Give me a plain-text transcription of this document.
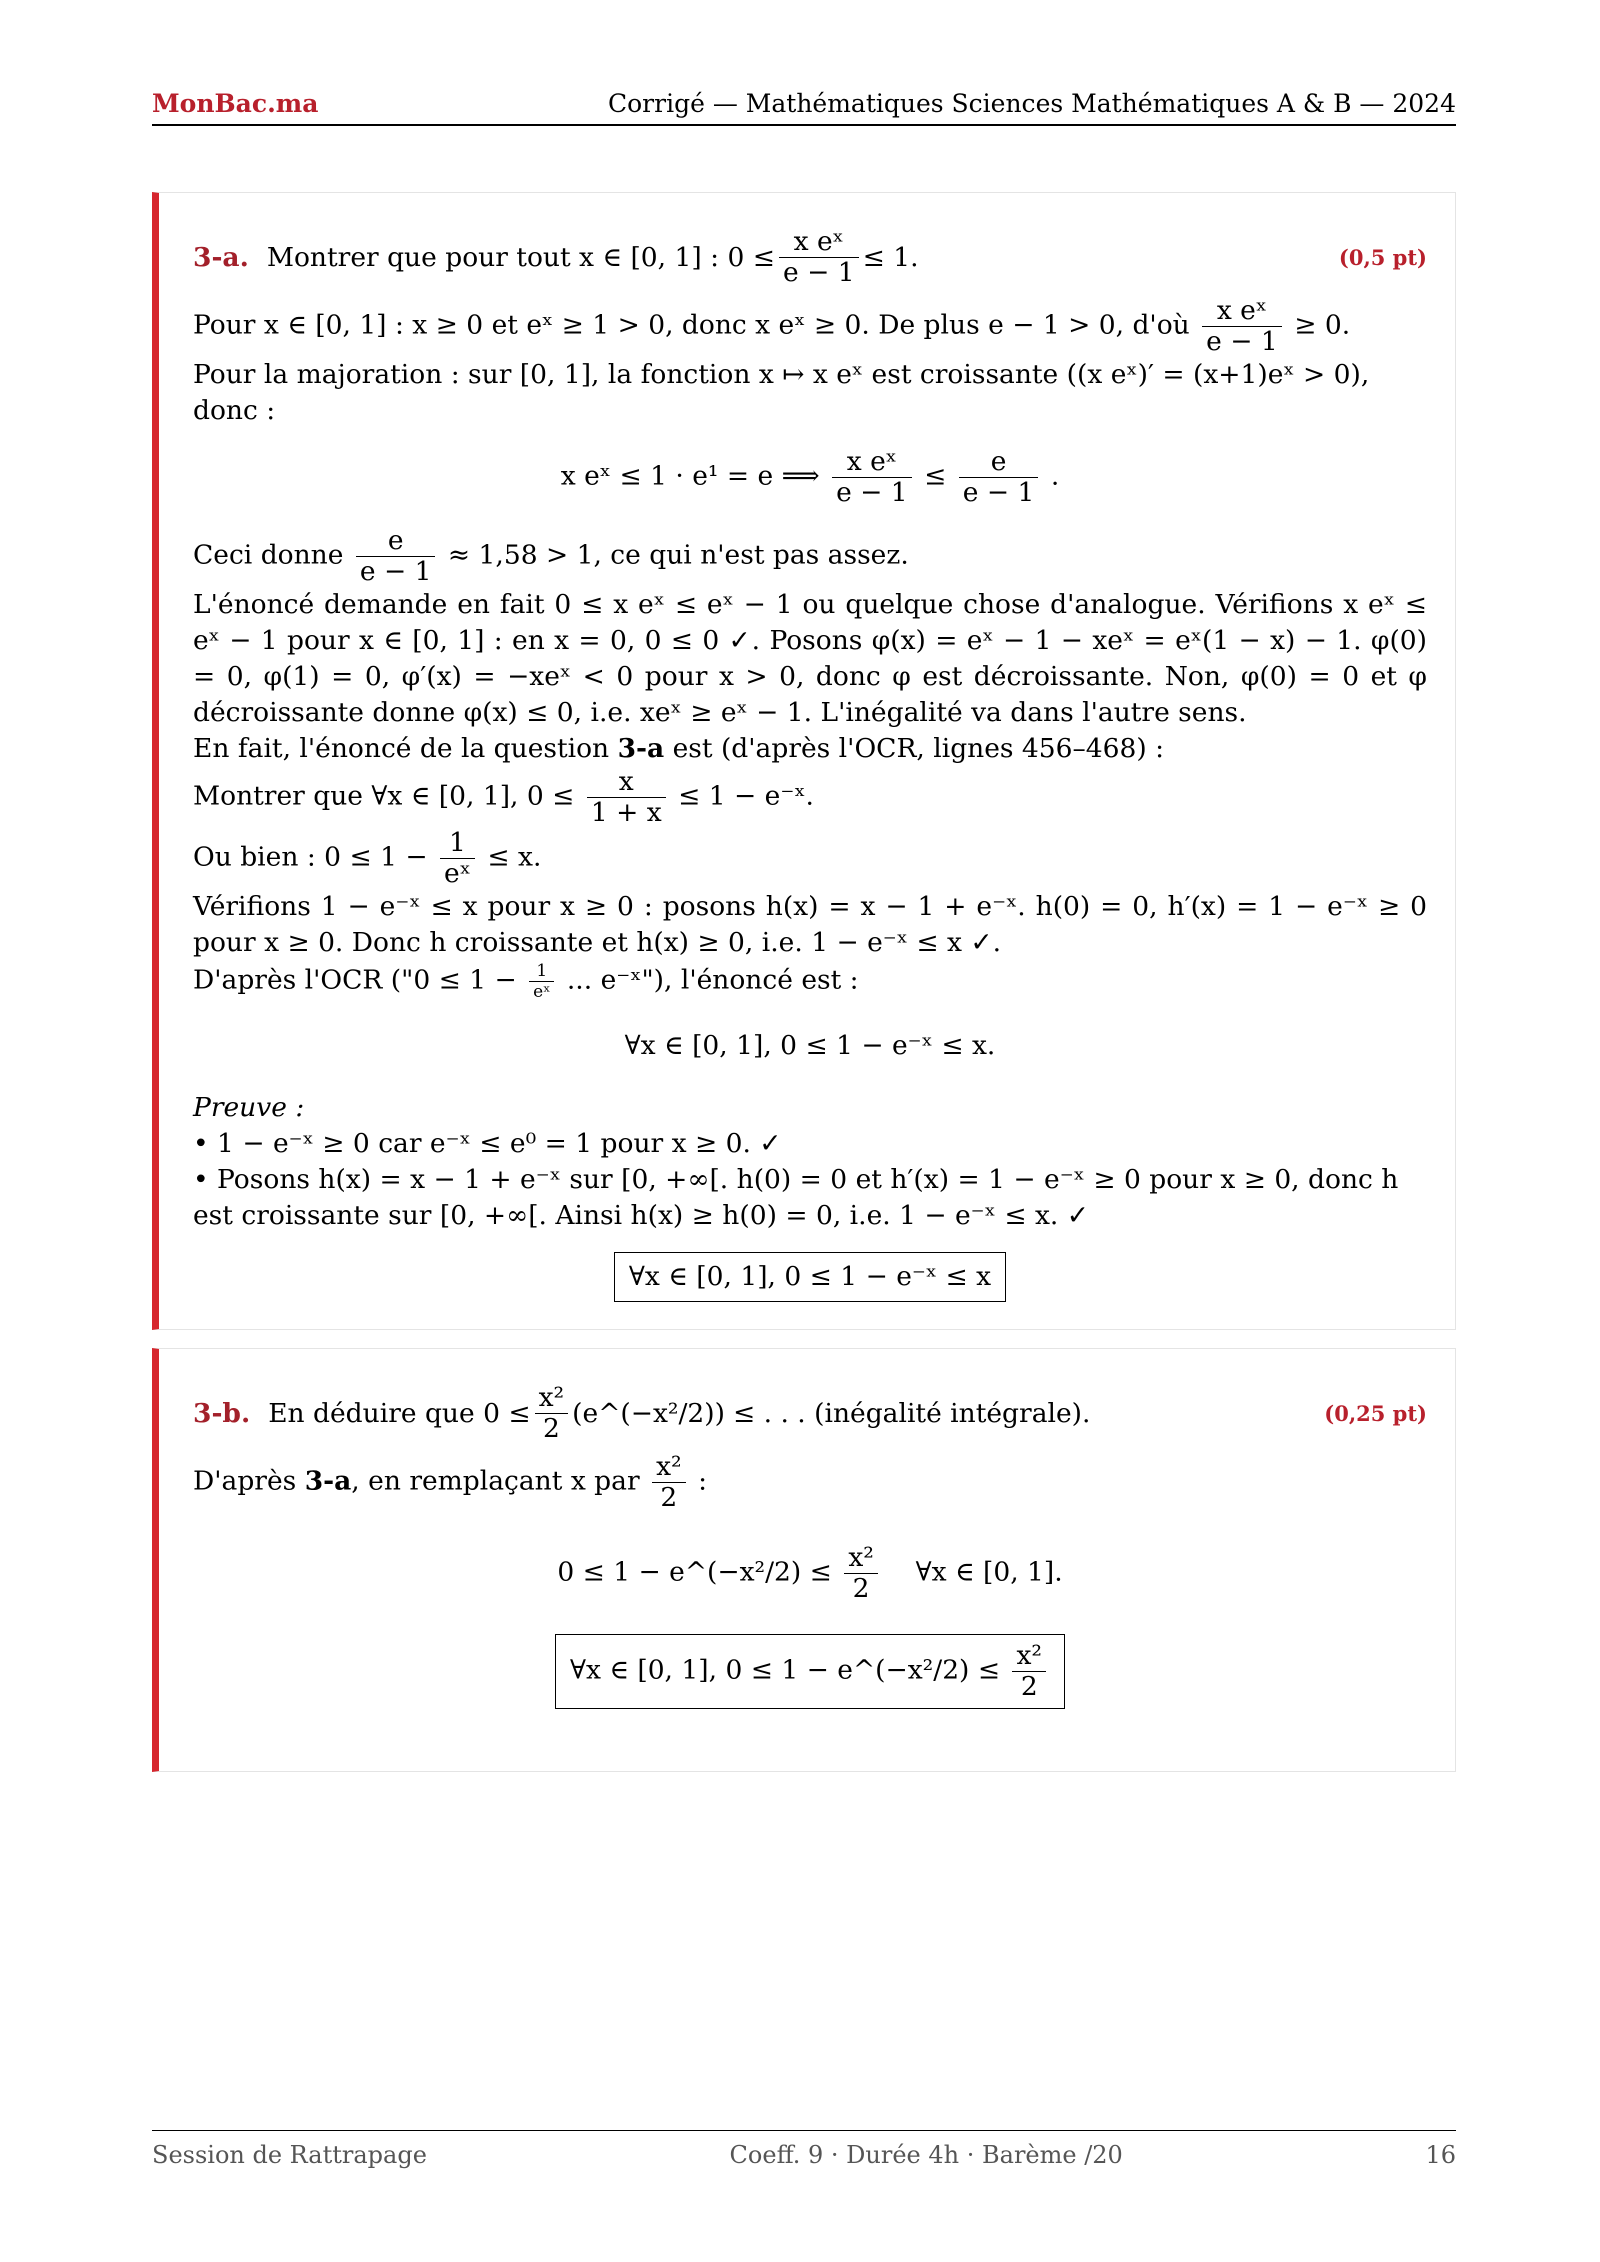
MonBac.ma	Corrigé — Mathématiques Sciences Mathématiques A & B — 2024
3-a. Montrer que pour tout x ∈ [0, 1] : $0 \le \frac{\text{x eˣ}}{e - 1} \le 1$.	(0,5 pt)

Pour x ∈ [0, 1] : x ≥ 0 et eˣ ≥ 1 > 0, donc x eˣ ≥ 0. De plus e − 1 > 0, d'où $\frac{\text{x eˣ}}{e - 1} \ge 0$.

Pour la majoration : sur [0, 1], la fonction x ↦ x eˣ est croissante ((x eˣ)′ = (x+1)eˣ > 0), donc :

x eˣ ≤ 1 · e¹ = e ⟹ $\frac{\text{x eˣ}}{e - 1} \le \frac{e}{e - 1}$ .

Ceci donne $\frac{e}{e - 1} \approx 1,58 > 1$, ce qui n'est pas assez.

L'énoncé demande en fait 0 ≤ x eˣ ≤ eˣ − 1 ou quelque chose d'analogue. Vérifions x eˣ ≤ eˣ − 1 pour x ∈ [0, 1] : en x = 0, 0 ≤ 0 ✓. Posons φ(x) = eˣ − 1 − xeˣ = eˣ(1 − x) − 1. φ(0) = 0, φ(1) = 0, φ′(x) = −xeˣ < 0 pour x > 0, donc φ est décroissante. Non, φ(0) = 0 et φ décroissante donne φ(x) ≤ 0, i.e. xeˣ ≥ eˣ − 1. L'inégalité va dans l'autre sens.

En fait, l'énoncé de la question 3-a est (d'après l'OCR, lignes 456–468) :

Montrer que ∀x ∈ [0, 1], $0 \le \frac{x}{1 + x} \le 1$ − e⁻ˣ.

Ou bien : $0 \le 1 - \frac{1}{\text{eˣ}} \le x$.

Vérifions 1 − e⁻ˣ ≤ x pour x ≥ 0 : posons h(x) = x − 1 + e⁻ˣ. h(0) = 0, h′(x) = 1 − e⁻ˣ ≥ 0 pour x ≥ 0. Donc h croissante et h(x) ≥ 0, i.e. 1 − e⁻ˣ ≤ x ✓.

D'après l'OCR ("0 ≤ $1 - \frac{1}{\text{eˣ}}$ ... e⁻ˣ"), l'énoncé est :

∀x ∈ [0, 1], 0 ≤ 1 − e⁻ˣ ≤ x.

Preuve :

• 1 − e⁻ˣ ≥ 0 car e⁻ˣ ≤ e⁰ = 1 pour x ≥ 0. ✓

• Posons h(x) = x − 1 + e⁻ˣ sur [0, +∞[. h(0) = 0 et h′(x) = 1 − e⁻ˣ ≥ 0 pour x ≥ 0, donc h est croissante sur [0, +∞[. Ainsi h(x) ≥ h(0) = 0, i.e. 1 − e⁻ˣ ≤ x. ✓

∀x ∈ [0, 1], 0 ≤ 1 − e⁻ˣ ≤ x
3-b. En déduire que $0 \le \frac{\text{x²}}{2}$ (e^(−x²/2)) ≤ . . . (inégalité intégrale).	(0,25 pt)

D'après 3-a, en remplaçant x par $\frac{\text{x²}}{2}$ :

0 ≤ 1 − e^(−x²/2) ≤ $\frac{\text{x²}}{2}$ ∀x ∈ [0, 1].
∀x ∈ [0, 1], 0 ≤ 1 − e^(−x²/2) ≤ $\frac{\text{x²}}{2}$
Session de Rattrapage	Coeff. 9 · Durée 4h · Barème /20	16
